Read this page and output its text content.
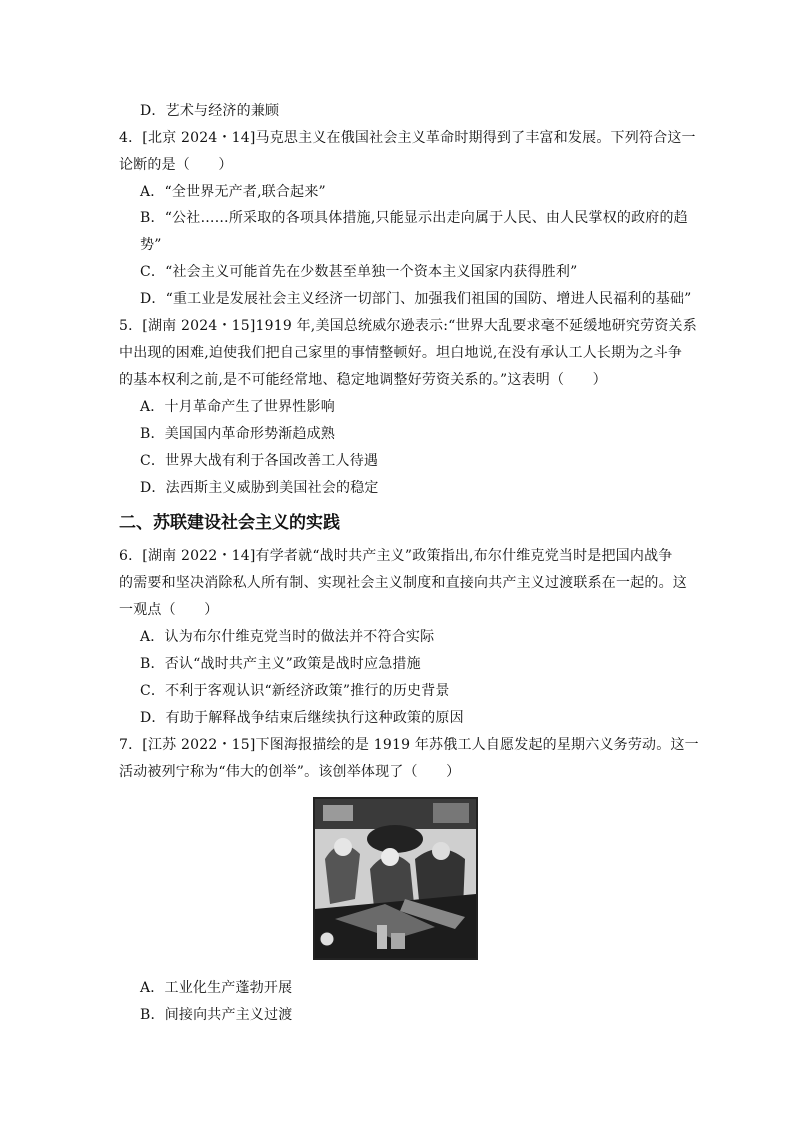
D．艺术与经济的兼顾
4．[北京 2024・14]马克思主义在俄国社会主义革命时期得到了丰富和发展。下列符合这一
论断的是（　　）
A．“全世界无产者,联合起来”
B．“公社……所采取的各项具体措施,只能显示出走向属于人民、由人民掌权的政府的趋
势”
C．“社会主义可能首先在少数甚至单独一个资本主义国家内获得胜利”
D．“重工业是发展社会主义经济一切部门、加强我们祖国的国防、增进人民福利的基础”
5．[湖南 2024・15]1919 年,美国总统威尔逊表示:“世界大乱要求毫不延缓地研究劳资关系
中出现的困难,迫使我们把自己家里的事情整顿好。坦白地说,在没有承认工人长期为之斗争
的基本权利之前,是不可能经常地、稳定地调整好劳资关系的。”这表明（　　）
A．十月革命产生了世界性影响
B．美国国内革命形势渐趋成熟
C．世界大战有利于各国改善工人待遇
D．法西斯主义威胁到美国社会的稳定
二、苏联建设社会主义的实践
6．[湖南 2022・14]有学者就“战时共产主义”政策指出,布尔什维克党当时是把国内战争
的需要和坚决消除私人所有制、实现社会主义制度和直接向共产主义过渡联系在一起的。这
一观点（　　）
A．认为布尔什维克党当时的做法并不符合实际
B．否认“战时共产主义”政策是战时应急措施
C．不利于客观认识“新经济政策”推行的历史背景
D．有助于解释战争结束后继续执行这种政策的原因
7．[江苏 2022・15]下图海报描绘的是 1919 年苏俄工人自愿发起的星期六义务劳动。这一
活动被列宁称为“伟大的创举”。该创举体现了（　　）
A．工业化生产蓬勃开展
B．间接向共产主义过渡
